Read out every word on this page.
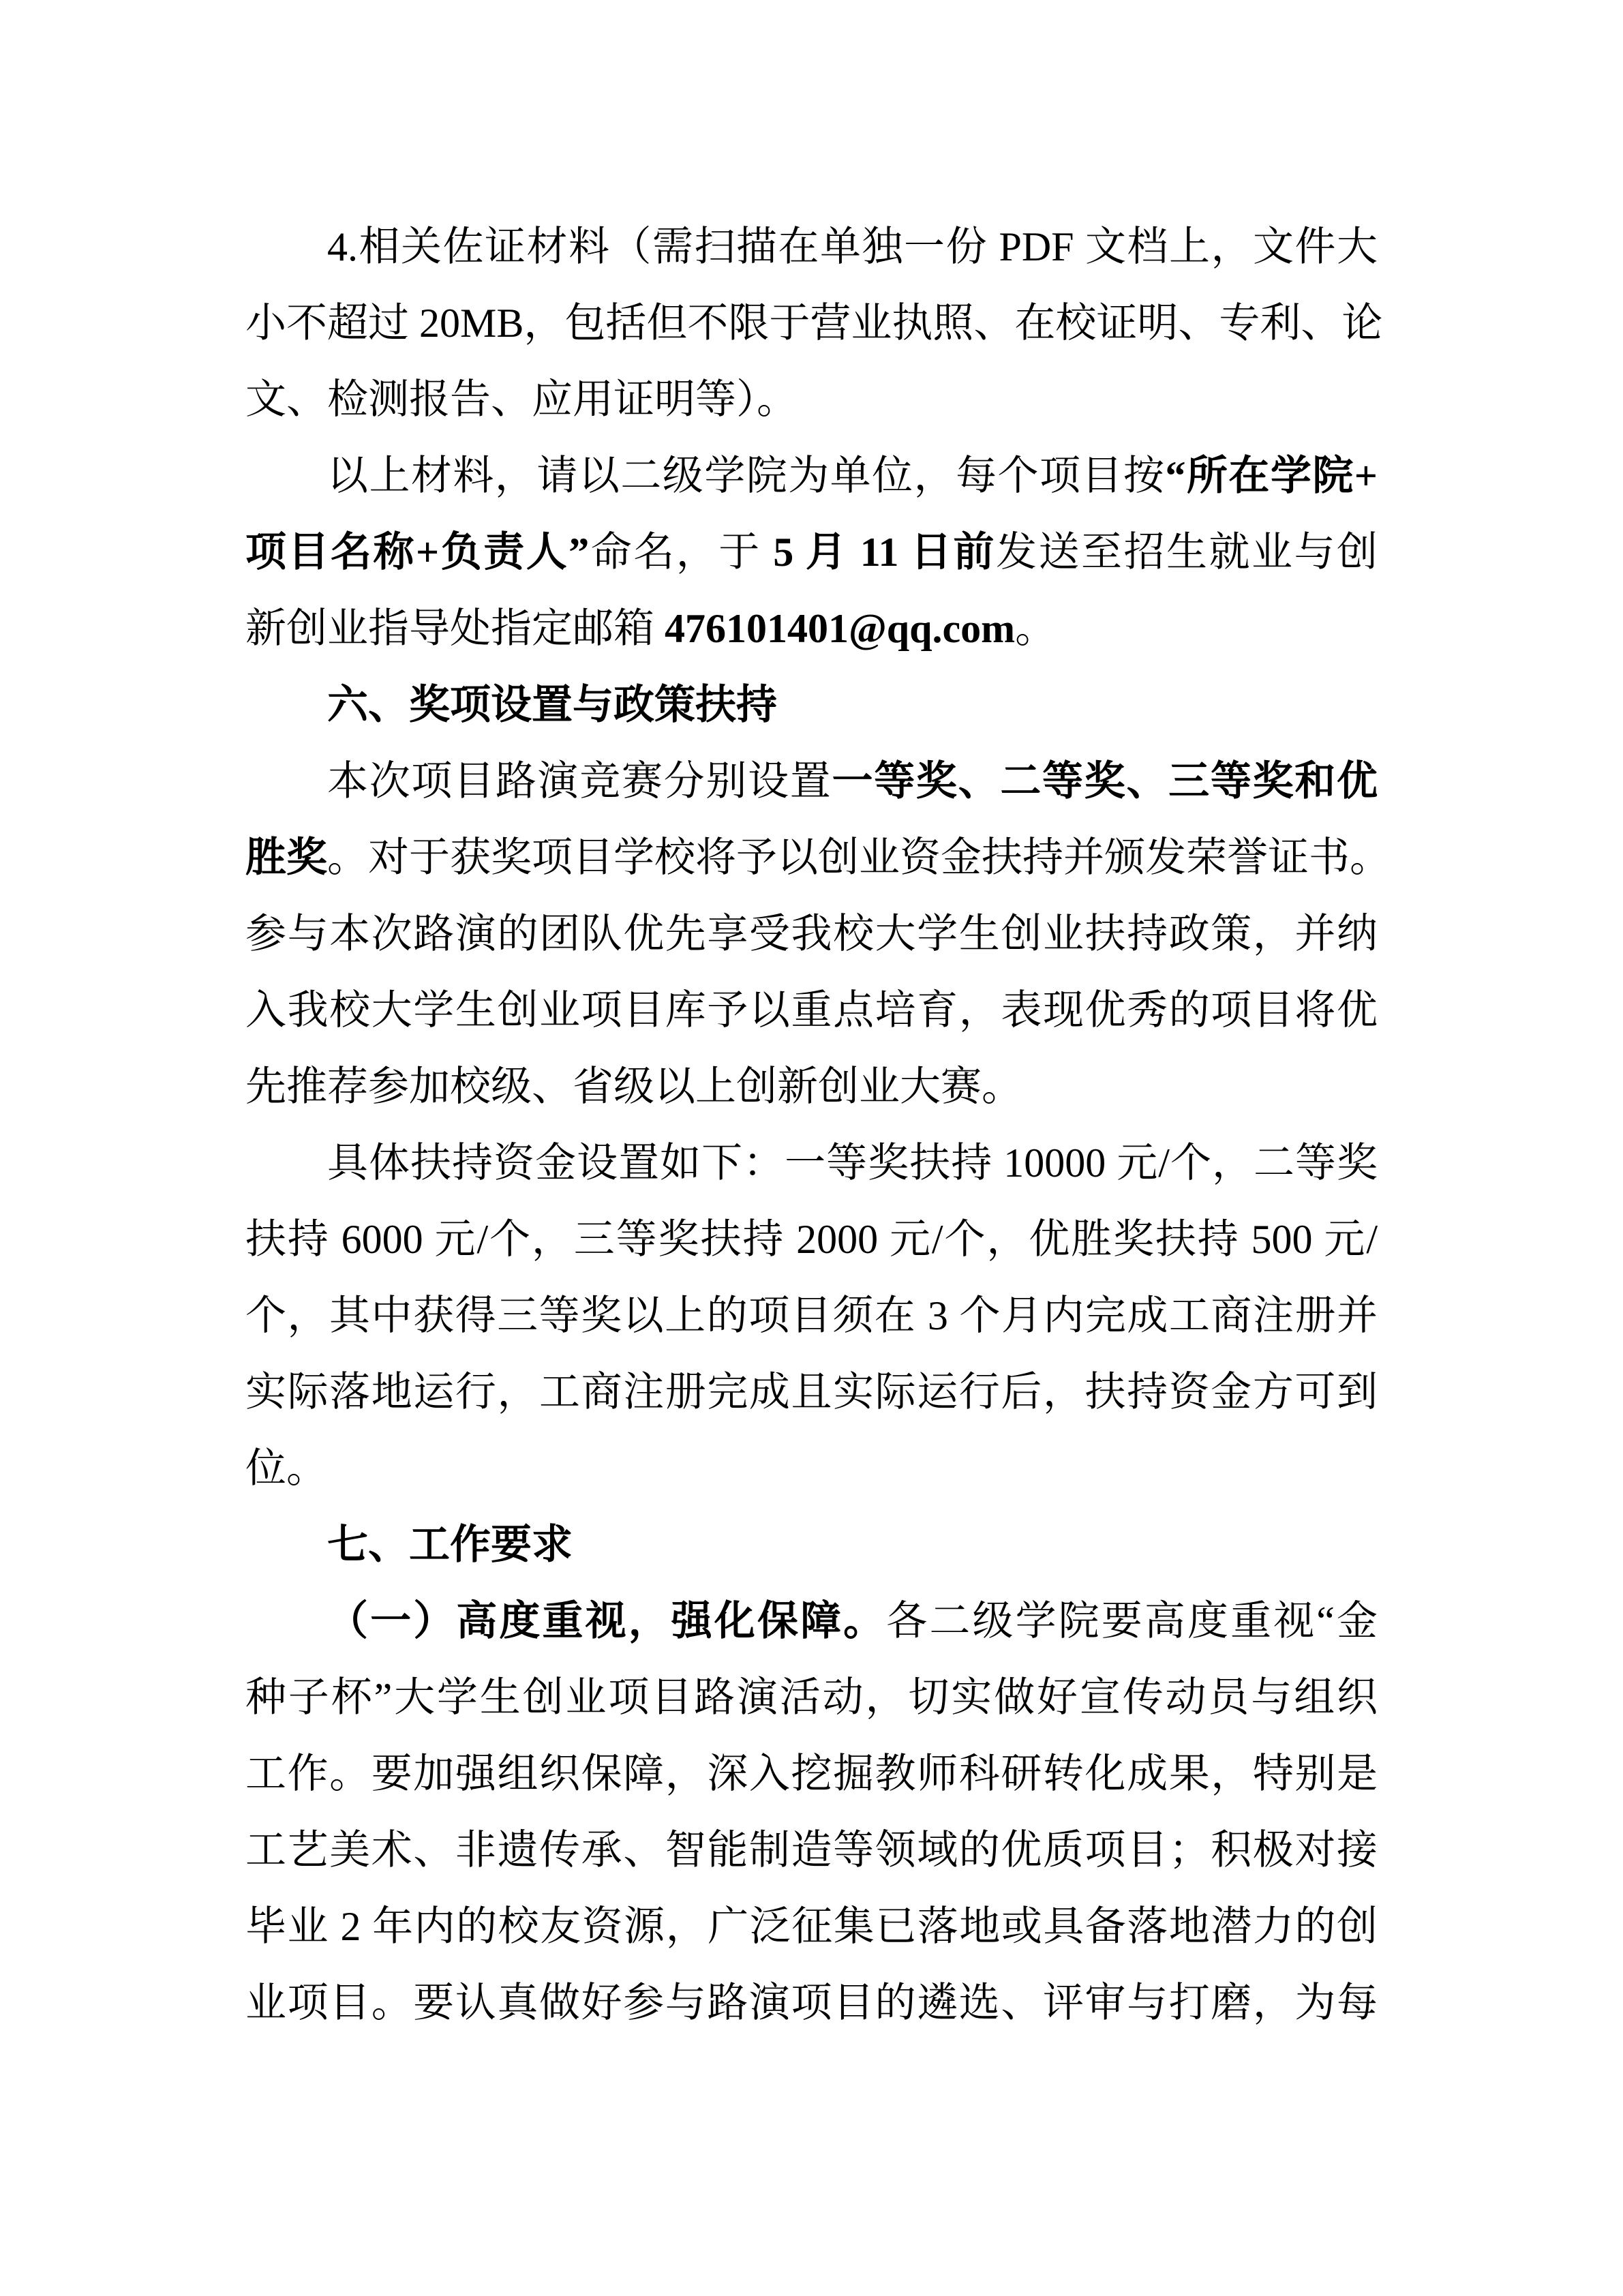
4.相关佐证材料（需扫描在单独一份 PDF 文档上，文件大
小不超过 20MB，包括但不限于营业执照、在校证明、专利、论
文、检测报告、应用证明等）。
以上材料，请以二级学院为单位，每个项目按“所在学院+
项目名称+负责人”命名，于 5 月 11 日前发送至招生就业与创
新创业指导处指定邮箱 476101401@qq.com。
六、奖项设置与政策扶持
本次项目路演竞赛分别设置一等奖、二等奖、三等奖和优
胜奖。对于获奖项目学校将予以创业资金扶持并颁发荣誉证书。
参与本次路演的团队优先享受我校大学生创业扶持政策，并纳
入我校大学生创业项目库予以重点培育，表现优秀的项目将优
先推荐参加校级、省级以上创新创业大赛。
具体扶持资金设置如下：一等奖扶持 10000 元/个，二等奖
扶持 6000 元/个，三等奖扶持 2000 元/个，优胜奖扶持 500 元/
个，其中获得三等奖以上的项目须在 3 个月内完成工商注册并
实际落地运行，工商注册完成且实际运行后，扶持资金方可到
位。
七、工作要求
（一）高度重视，强化保障。各二级学院要高度重视“金
种子杯”大学生创业项目路演活动，切实做好宣传动员与组织
工作。要加强组织保障，深入挖掘教师科研转化成果，特别是
工艺美术、非遗传承、智能制造等领域的优质项目；积极对接
毕业 2 年内的校友资源，广泛征集已落地或具备落地潜力的创
业项目。要认真做好参与路演项目的遴选、评审与打磨，为每
